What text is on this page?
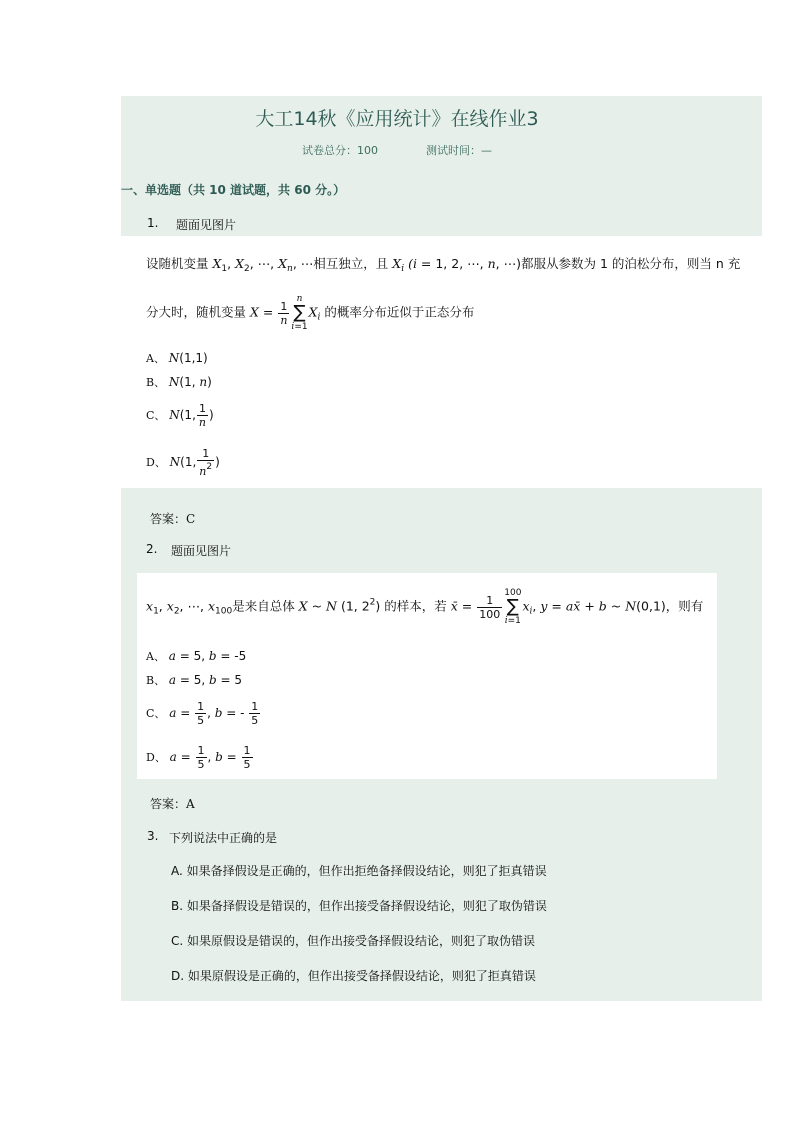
大工14秋《应用统计》在线作业3
试卷总分：100	测试时间：—
一、单选题（共 10 道试题，共 60 分。）
1. 题面见图片
设随机变量 $X_1$, $X_2$, ⋯, $X_n$, ⋯相互独立，且 $X_i$ (i = 1, 2, ⋯, n, ⋯)都服从参数为 1 的泊松分布，则当 n 充
分大时，随机变量 $X = \frac{1}{n}$
n
∑
$i=1X_i$ 的概率分布近似于正态分布
A、 N(1,1)
B、 N(1, n)
C、 N(1, $\frac{1}{n}$ )
D、 N(1, $\frac{1}{n^2}$ )
答案：C
2. 题面见图片
$x_1$, $x_2$, ⋯, $x_{100}$是来自总体 X ~ N (1, $2^2$) 的样本，若 x̄ = $\frac{1}{100}$
100
∑
$i=1x_i$, y = ax̄ + b ~ N(0,1)，则有
A、 a = 5, b = -5
B、 a = 5, b = 5
C、 $a = \frac{1}{5}$ , b = - $\frac{1}{5}$
D、 $a = \frac{1}{5}$ , $b = \frac{1}{5}$
答案：A
3. 下列说法中正确的是
A. 如果备择假设是正确的，但作出拒绝备择假设结论，则犯了拒真错误
B. 如果备择假设是错误的，但作出接受备择假设结论，则犯了取伪错误
C. 如果原假设是错误的，但作出接受备择假设结论，则犯了取伪错误
D. 如果原假设是正确的，但作出接受备择假设结论，则犯了拒真错误
